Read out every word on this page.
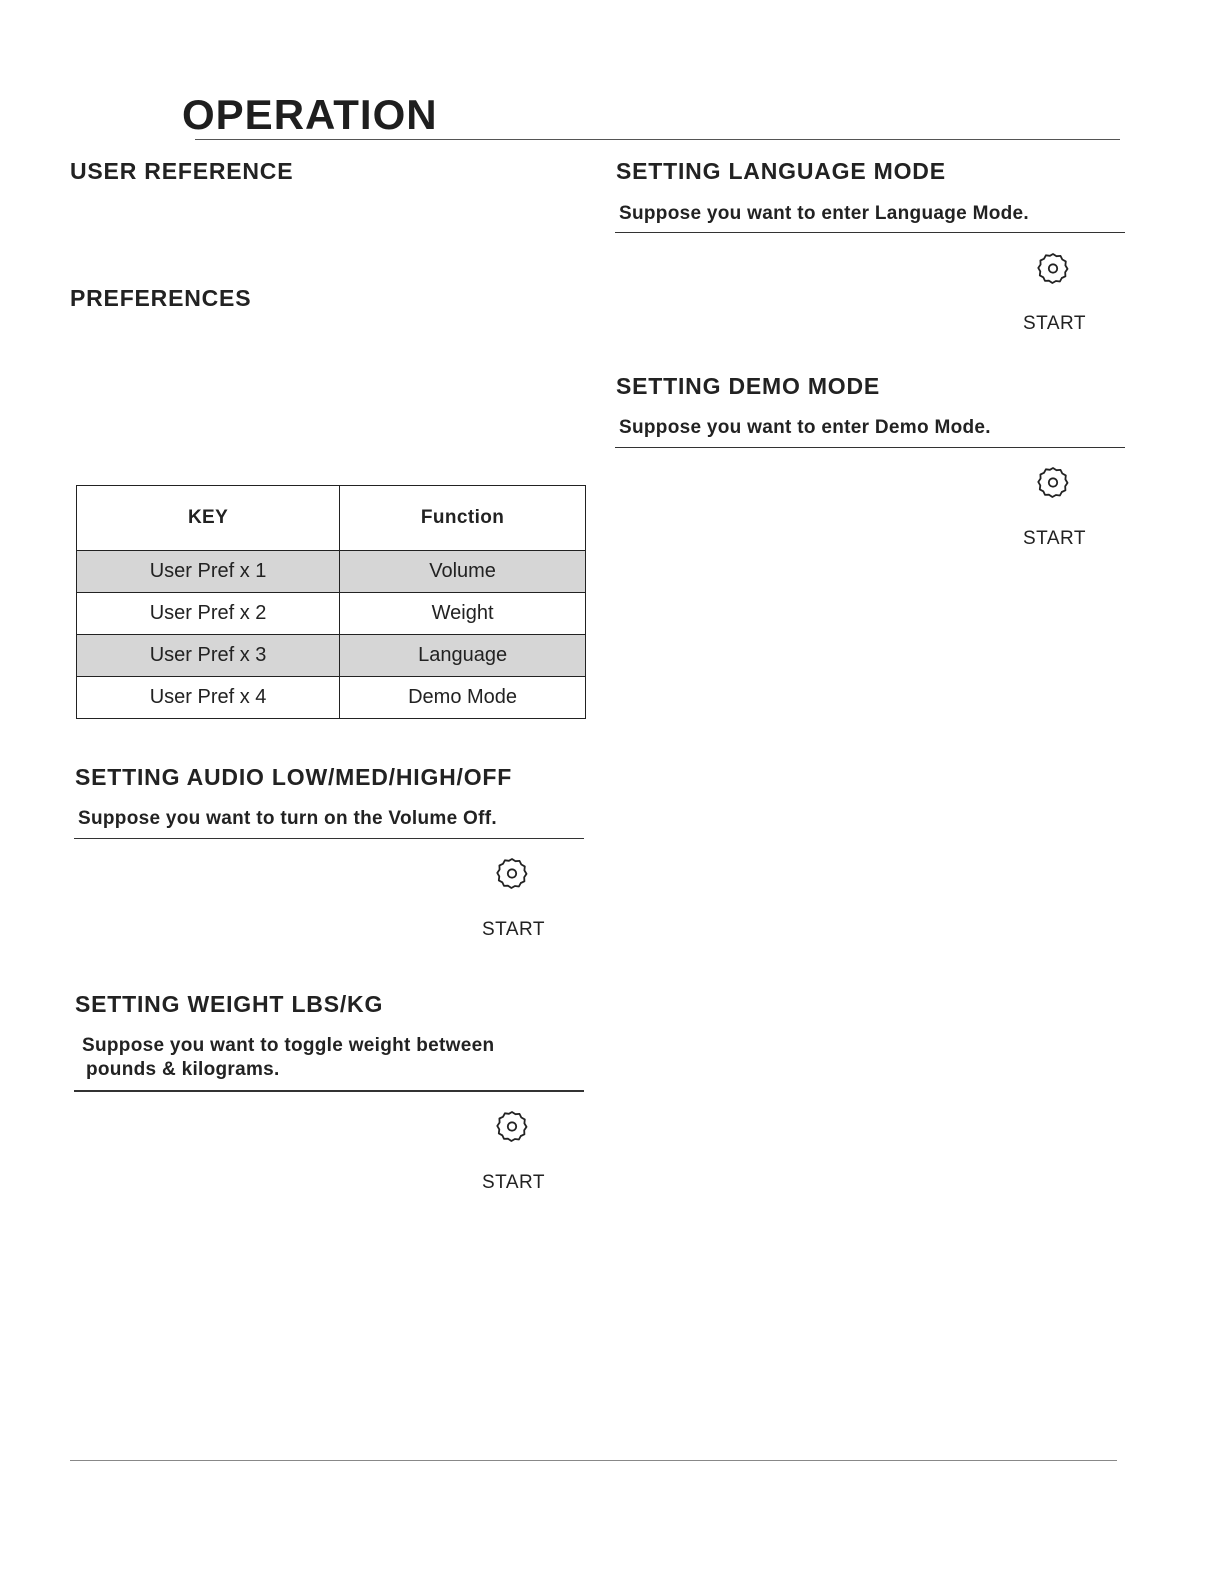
OPERATION
USER REFERENCE
PREFERENCES
KEY	Function
User Pref x 1	Volume
User Pref x 2	Weight
User Pref x 3	Language
User Pref x 4	Demo Mode
SETTING AUDIO LOW/MED/HIGH/OFF

Suppose you want to turn on the Volume Off.

START
SETTING WEIGHT LBS/KG

Suppose you want to toggle weight between

pounds & kilograms.

START
SETTING LANGUAGE MODE

Suppose you want to enter Language Mode.

START
SETTING DEMO MODE

Suppose you want to enter Demo Mode.

START
